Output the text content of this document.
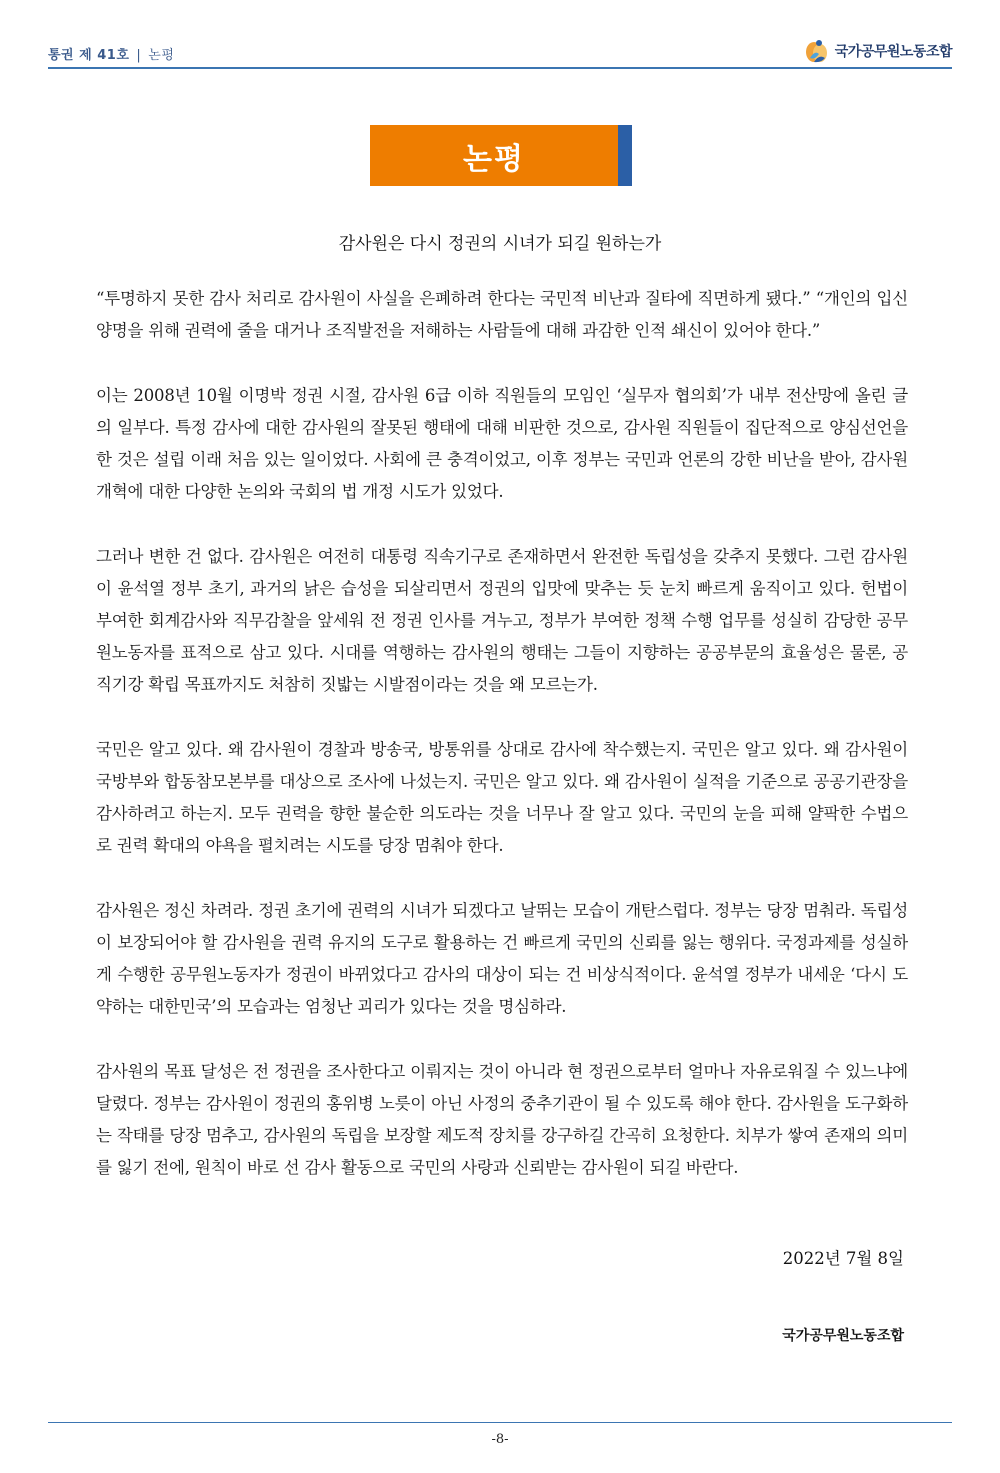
통권 제 41호 | 논평	국가공무원노동조합
논평
감사원은 다시 정권의 시녀가 되길 원하는가

“투명하지 못한 감사 처리로 감사원이 사실을 은폐하려 한다는 국민적 비난과 질타에 직면하게 됐다.” “개인의 입신양명을 위해 권력에 줄을 대거나 조직발전을 저해하는 사람들에 대해 과감한 인적 쇄신이 있어야 한다.”

이는 2008년 10월 이명박 정권 시절, 감사원 6급 이하 직원들의 모임인 ‘실무자 협의회’가 내부 전산망에 올린 글의 일부다. 특정 감사에 대한 감사원의 잘못된 행태에 대해 비판한 것으로, 감사원 직원들이 집단적으로 양심선언을 한 것은 설립 이래 처음 있는 일이었다. 사회에 큰 충격이었고, 이후 정부는 국민과 언론의 강한 비난을 받아, 감사원 개혁에 대한 다양한 논의와 국회의 법 개정 시도가 있었다.

그러나 변한 건 없다. 감사원은 여전히 대통령 직속기구로 존재하면서 완전한 독립성을 갖추지 못했다. 그런 감사원이 윤석열 정부 초기, 과거의 낡은 습성을 되살리면서 정권의 입맛에 맞추는 듯 눈치 빠르게 움직이고 있다. 헌법이 부여한 회계감사와 직무감찰을 앞세워 전 정권 인사를 겨누고, 정부가 부여한 정책 수행 업무를 성실히 감당한 공무원노동자를 표적으로 삼고 있다. 시대를 역행하는 감사원의 행태는 그들이 지향하는 공공부문의 효율성은 물론, 공직기강 확립 목표까지도 처참히 짓밟는 시발점이라는 것을 왜 모르는가.

국민은 알고 있다. 왜 감사원이 경찰과 방송국, 방통위를 상대로 감사에 착수했는지. 국민은 알고 있다. 왜 감사원이 국방부와 합동참모본부를 대상으로 조사에 나섰는지. 국민은 알고 있다. 왜 감사원이 실적을 기준으로 공공기관장을 감사하려고 하는지. 모두 권력을 향한 불순한 의도라는 것을 너무나 잘 알고 있다. 국민의 눈을 피해 얄팍한 수법으로 권력 확대의 야욕을 펼치려는 시도를 당장 멈춰야 한다.

감사원은 정신 차려라. 정권 초기에 권력의 시녀가 되겠다고 날뛰는 모습이 개탄스럽다. 정부는 당장 멈춰라. 독립성이 보장되어야 할 감사원을 권력 유지의 도구로 활용하는 건 빠르게 국민의 신뢰를 잃는 행위다. 국정과제를 성실하게 수행한 공무원노동자가 정권이 바뀌었다고 감사의 대상이 되는 건 비상식적이다. 윤석열 정부가 내세운 ‘다시 도약하는 대한민국’의 모습과는 엄청난 괴리가 있다는 것을 명심하라.

감사원의 목표 달성은 전 정권을 조사한다고 이뤄지는 것이 아니라 현 정권으로부터 얼마나 자유로워질 수 있느냐에 달렸다. 정부는 감사원이 정권의 홍위병 노릇이 아닌 사정의 중추기관이 될 수 있도록 해야 한다. 감사원을 도구화하는 작태를 당장 멈추고, 감사원의 독립을 보장할 제도적 장치를 강구하길 간곡히 요청한다. 치부가 쌓여 존재의 의미를 잃기 전에, 원칙이 바로 선 감사 활동으로 국민의 사랑과 신뢰받는 감사원이 되길 바란다.

2022년 7월 8일
국가공무원노동조합
-8-
